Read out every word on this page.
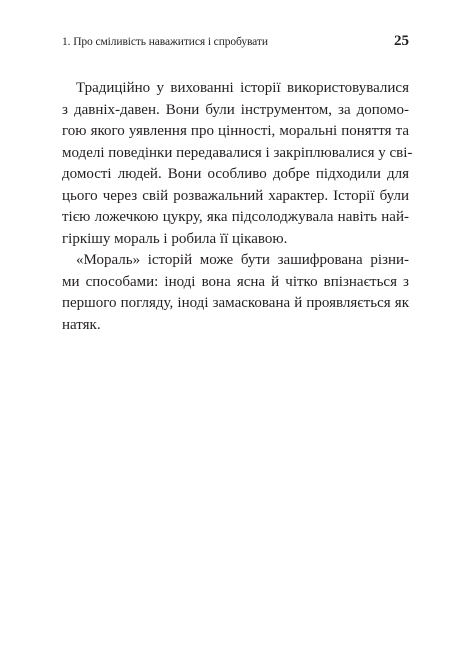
1. Про сміливість наважитися і спробувати	25

Традиційно у вихованні історії використовувалися
з давніх-давен. Вони були інструментом, за допомо-
гою якого уявлення про цінності, моральні поняття та
моделі поведінки передавалися і закріплювалися у сві-
домості людей. Вони особливо добре підходили для
цього через свій розважальний характер. Історії були
тією ложечкою цукру, яка підсолоджувала навіть най-
гіркішу мораль і робила її цікавою.

«Мораль» історій може бути зашифрована різни-
ми способами: іноді вона ясна й чітко впізнається з
першого погляду, іноді замаскована й проявляється як
натяк.
